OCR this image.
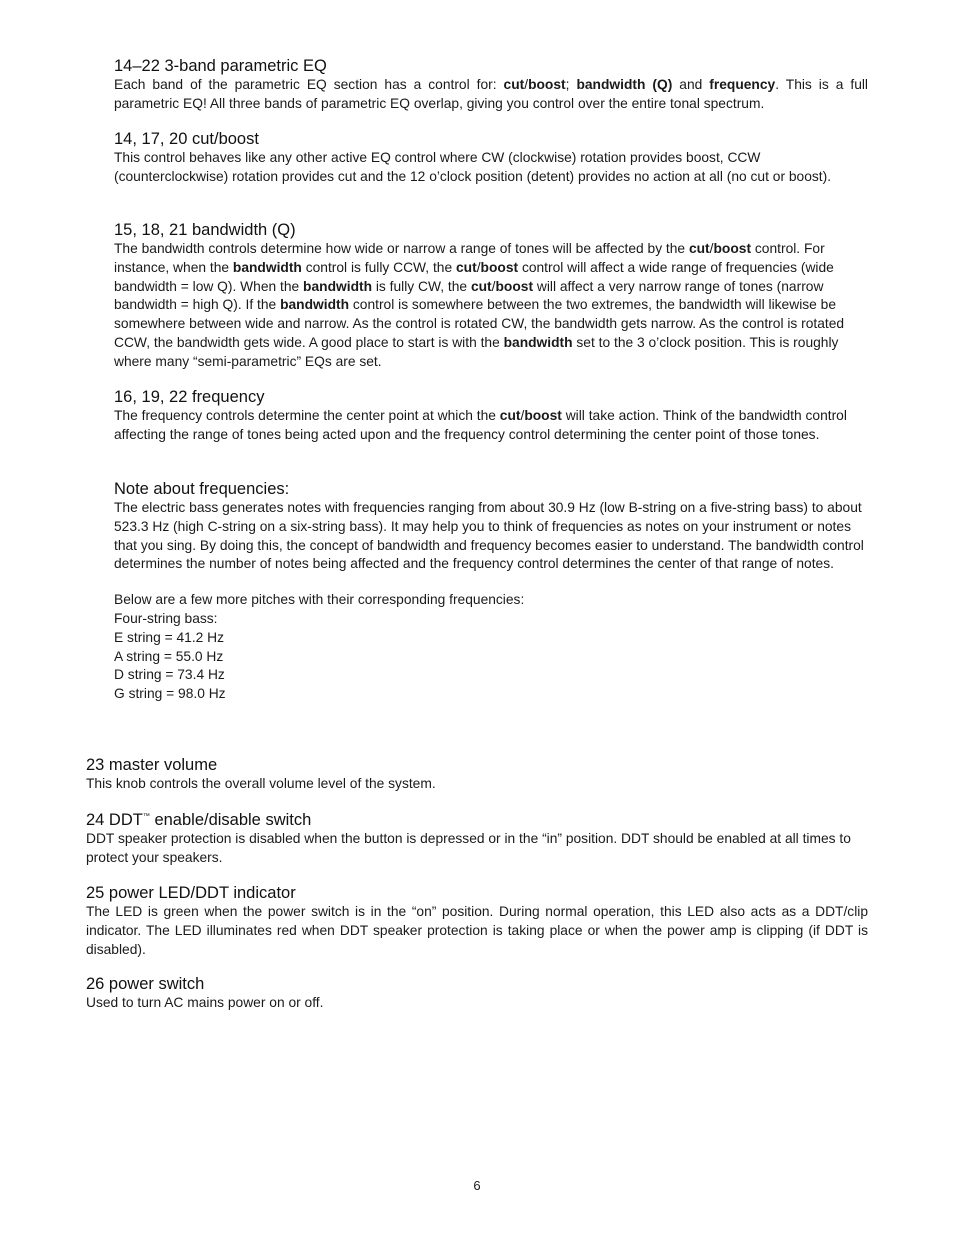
14–22 3-band parametric EQ

Each band of the parametric EQ section has a control for: cut/boost; bandwidth (Q) and frequency. This is a full parametric EQ! All three bands of parametric EQ overlap, giving you control over the entire tonal spectrum.

14, 17, 20 cut/boost

This control behaves like any other active EQ control where CW (clockwise) rotation provides boost, CCW (counterclockwise) rotation provides cut and the 12 o’clock position (detent) provides no action at all (no cut or boost).

15, 18, 21 bandwidth (Q)

The bandwidth controls determine how wide or narrow a range of tones will be affected by the cut/boost control. For instance, when the bandwidth control is fully CCW, the cut/boost control will affect a wide range of frequencies (wide bandwidth = low Q). When the bandwidth is fully CW, the cut/boost will affect a very narrow range of tones (narrow bandwidth = high Q). If the bandwidth control is somewhere between the two extremes, the bandwidth will likewise be somewhere between wide and narrow. As the control is rotated CW, the bandwidth gets narrow. As the control is rotated CCW, the bandwidth gets wide. A good place to start is with the bandwidth set to the 3 o’clock position. This is roughly where many “semi-parametric” EQs are set.

16, 19, 22 frequency

The frequency controls determine the center point at which the cut/boost will take action. Think of the bandwidth control affecting the range of tones being acted upon and the frequency control determining the center point of those tones.

Note about frequencies:

The electric bass generates notes with frequencies ranging from about 30.9 Hz (low B-string on a five-string bass) to about 523.3 Hz (high C-string on a six-string bass). It may help you to think of frequencies as notes on your instrument or notes that you sing. By doing this, the concept of bandwidth and frequency becomes easier to understand. The bandwidth control determines the number of notes being affected and the frequency control determines the center of that range of notes.

Below are a few more pitches with their corresponding frequencies:
Four-string bass:
E string = 41.2 Hz
A string = 55.0 Hz
D string = 73.4 Hz
G string = 98.0 Hz
23 master volume

This knob controls the overall volume level of the system.

24 DDT™ enable/disable switch

DDT speaker protection is disabled when the button is depressed or in the “in” position. DDT should be enabled at all times to protect your speakers.

25 power LED/DDT indicator

The LED is green when the power switch is in the “on” position. During normal operation, this LED also acts as a DDT/clip indicator. The LED illuminates red when DDT speaker protection is taking place or when the power amp is clipping (if DDT is disabled).

26 power switch

Used to turn AC mains power on or off.

6
